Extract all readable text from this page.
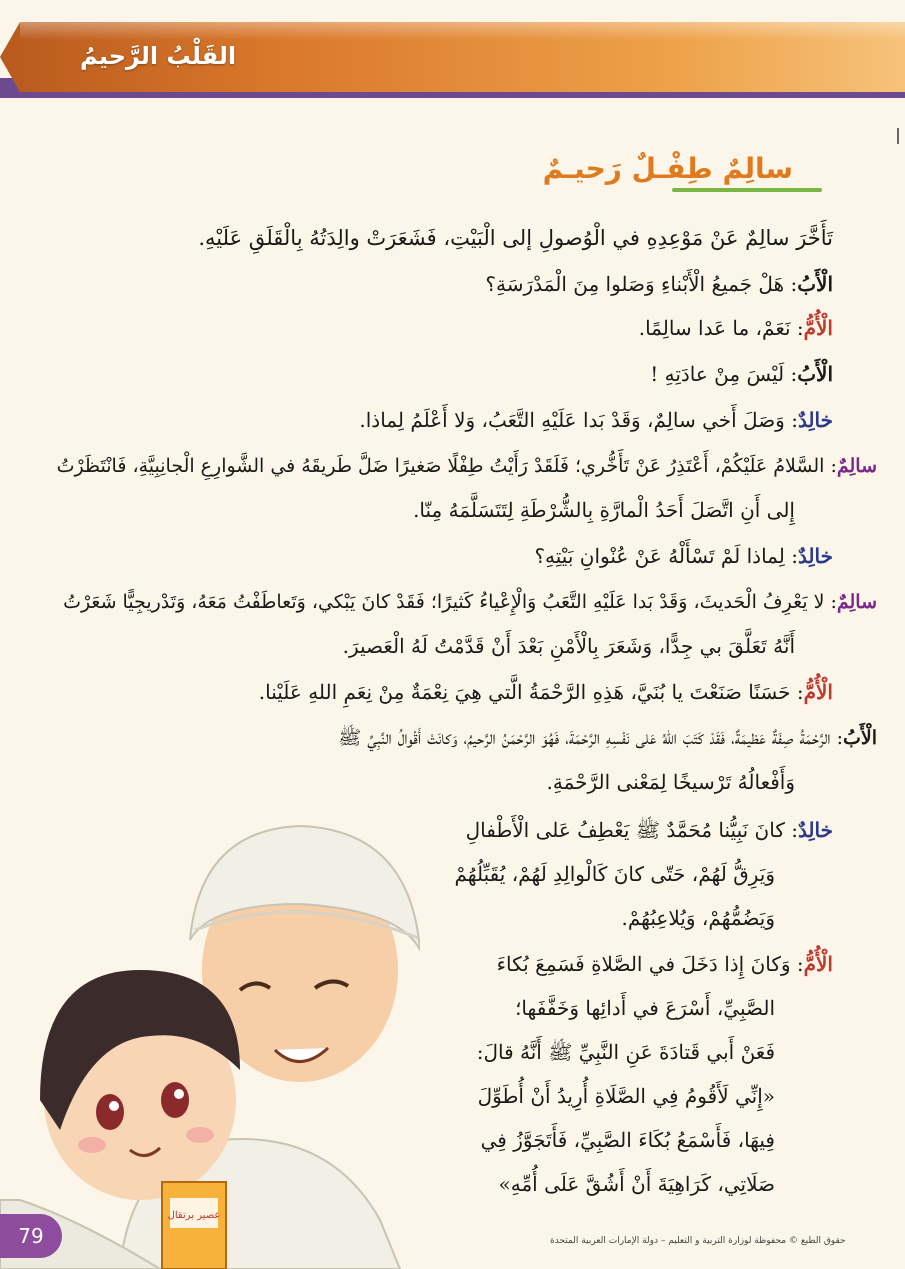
القَلْبُ الرَّحيمُ
سالِمٌ طِفْـلٌ رَحيـمٌ
تَأَخَّرَ سالِمٌ عَنْ مَوْعِدِهِ في الْوُصولِ إلى الْبَيْتِ، فَشَعَرَتْ والِدَتُهُ بِالْقَلَقِ عَلَيْهِ.
الْأَبُ: هَلْ جَميعُ الْأَبْناءِ وَصَلوا مِنَ الْمَدْرَسَةِ؟
الْأُمُّ: نَعَمْ، ما عَدا سالِمًا.
الْأَبُ: لَيْسَ مِنْ عادَتِهِ !
خالِدٌ: وَصَلَ أَخي سالِمٌ، وَقَدْ بَدا عَلَيْهِ التَّعَبُ، وَلا أَعْلَمُ لِماذا.
سالِمٌ: السَّلامُ عَلَيْكُمْ، أَعْتَذِرُ عَنْ تَأَخُّري؛ فَلَقَدْ رَأَيْتُ طِفْلًا صَغيرًا ضَلَّ طَريقَهُ في الشَّوارِعِ الْجانِبِيَّةِ، فَانْتَظَرْتُ
إِلى أَنِ اتَّصَلَ أَحَدُ الْمارَّةِ بِالشُّرْطَةِ لِتَتَسَلَّمَهُ مِنّا.
خالِدٌ: لِماذا لَمْ تَسْأَلْهُ عَنْ عُنْوانِ بَيْتِهِ؟
سالِمٌ: لا يَعْرِفُ الْحَديثَ، وَقَدْ بَدا عَلَيْهِ التَّعَبُ وَالْإِعْياءُ كَثيرًا؛ فَقَدْ كانَ يَبْكي، وَتَعاطَفْتُ مَعَهُ، وَتَدْريجِيًّا شَعَرْتُ
أَنَّهُ تَعَلَّقَ بي جِدًّا، وَشَعَرَ بِالْأَمْنِ بَعْدَ أَنْ قَدَّمْتُ لَهُ الْعَصيرَ.
الْأُمُّ: حَسَنًا صَنَعْتَ يا بُنَيَّ، هَذِهِ الرَّحْمَةُ الَّتي هِيَ نِعْمَةٌ مِنْ نِعَمِ اللهِ عَلَيْنا.
الْأَبُ: الرَّحْمَةُ صِفَةٌ عَظيمَةٌ، فَقَدْ كَتَبَ اللهُ عَلى نَفْسِهِ الرَّحْمَةَ، فَهُوَ الرَّحْمَنُ الرَّحيمُ، وَكانَتْ أَقْوالُ النَّبِيِّ ﷺ
وَأَفْعالُهُ تَرْسيخًا لِمَعْنى الرَّحْمَةِ.
خالِدٌ: كانَ نَبِيُّنا مُحَمَّدٌ ﷺ يَعْطِفُ عَلى الْأَطْفالِ
وَيَرِقُّ لَهُمْ، حَتّى كانَ كَالْوالِدِ لَهُمْ، يُقَبِّلُهُمْ
وَيَضُمُّهُمْ، وَيُلاعِبُهُمْ.
الْأُمُّ: وَكانَ إِذا دَخَلَ في الصَّلاةِ فَسَمِعَ بُكاءَ
الصَّبِيِّ، أَسْرَعَ في أَدائِها وَخَفَّفَها؛
فَعَنْ أَبي قَتادَةَ عَنِ النَّبِيِّ ﷺ أَنَّهُ قالَ:
«إِنِّي لَأَقُومُ فِي الصَّلَاةِ أُرِيدُ أَنْ أُطَوِّلَ
فِيهَا، فَأَسْمَعُ بُكَاءَ الصَّبِيِّ، فَأَتَجَوَّزُ فِي
صَلَاتِي، كَرَاهِيَةَ أَنْ أَشُقَّ عَلَى أُمِّهِ»
عصير برتقال
79	حقوق الطبع © محفوظة لوزارة التربية و التعليم – دولة الإمارات العربية المتحدة
